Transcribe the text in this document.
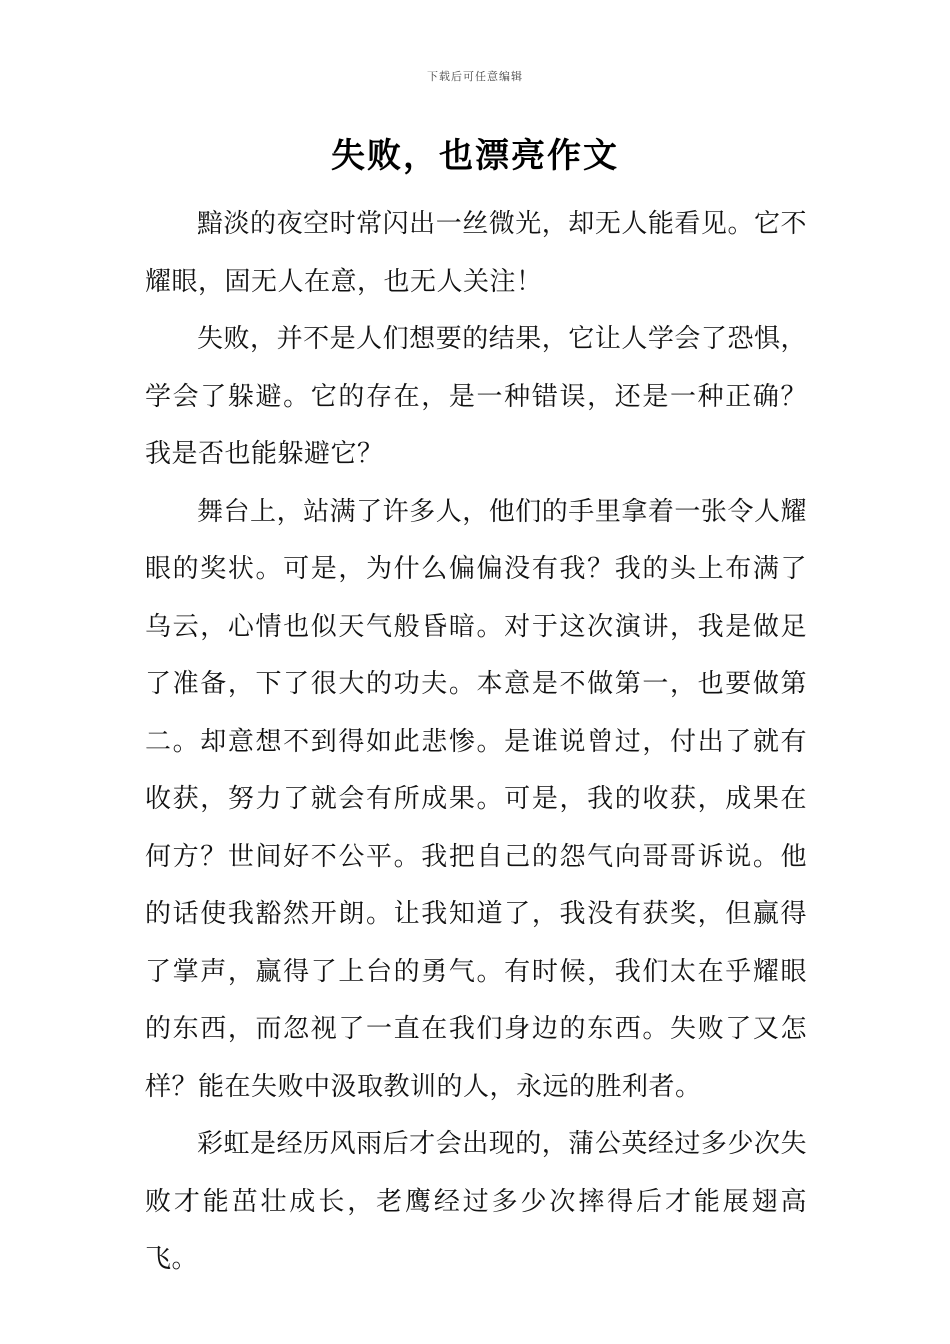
下载后可任意编辑
失败，也漂亮作文

黯淡的夜空时常闪出一丝微光，却无人能看见。它不耀眼，固无人在意，也无人关注！

失败，并不是人们想要的结果，它让人学会了恐惧，学会了躲避。它的存在，是一种错误，还是一种正确？我是否也能躲避它？

舞台上，站满了许多人，他们的手里拿着一张令人耀眼的奖状。可是，为什么偏偏没有我？我的头上布满了乌云，心情也似天气般昏暗。对于这次演讲，我是做足了准备，下了很大的功夫。本意是不做第一，也要做第二。却意想不到得如此悲惨。是谁说曾过，付出了就有收获，努力了就会有所成果。可是，我的收获，成果在何方？世间好不公平。我把自己的怨气向哥哥诉说。他的话使我豁然开朗。让我知道了，我没有获奖，但赢得了掌声，赢得了上台的勇气。有时候，我们太在乎耀眼的东西，而忽视了一直在我们身边的东西。失败了又怎样？能在失败中汲取教训的人，永远的胜利者。

彩虹是经历风雨后才会出现的，蒲公英经过多少次失败才能茁壮成长，老鹰经过多少次摔得后才能展翅高飞。
